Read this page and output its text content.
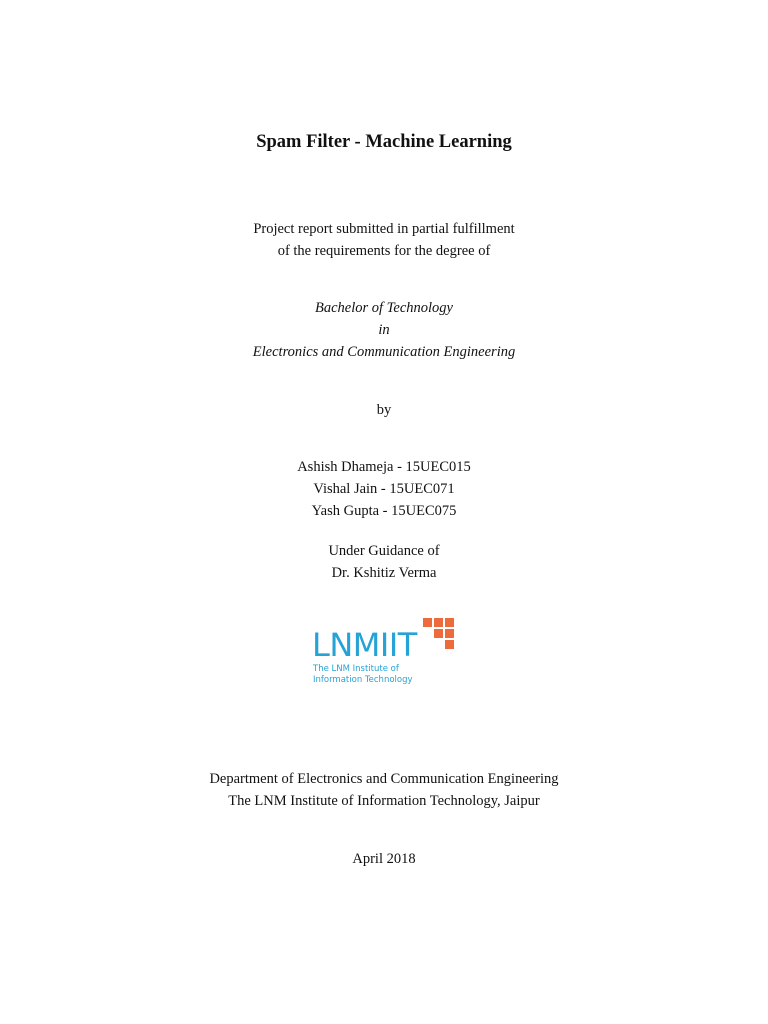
Spam Filter - Machine Learning
Project report submitted in partial fulfillment
of the requirements for the degree of
Bachelor of Technology
in
Electronics and Communication Engineering
by
Ashish Dhameja - 15UEC015
Vishal Jain - 15UEC071
Yash Gupta - 15UEC075
Under Guidance of
Dr. Kshitiz Verma
LNMIIT
The LNM Institute of
Information Technology
Department of Electronics and Communication Engineering
The LNM Institute of Information Technology, Jaipur
April 2018
